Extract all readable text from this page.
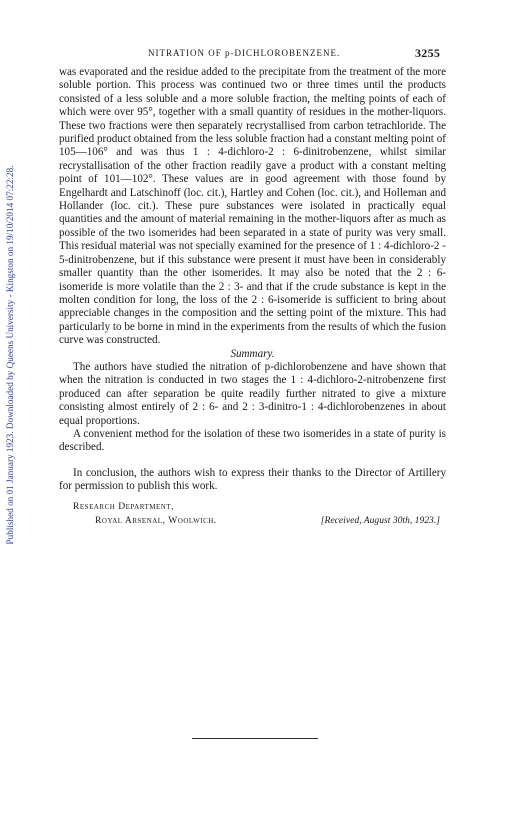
Published on 01 January 1923. Downloaded by Queens University - Kingston on 19/10/2014 07:22:28.
NITRATION OF p-DICHLOROBENZENE.	3255

was evaporated and the residue added to the precipitate from the treatment of the more soluble portion. This process was continued two or three times until the products consisted of a less soluble and a more soluble fraction, the melting points of each of which were over 95°, together with a small quantity of residues in the mother-liquors. These two fractions were then separately recrystallised from carbon tetrachloride. The purified product obtained from the less soluble fraction had a constant melting point of 105—106° and was thus 1 : 4-dichloro-2 : 6-dinitrobenzene, whilst similar recrystallisation of the other fraction readily gave a product with a constant melting point of 101—102°. These values are in good agreement with those found by Engelhardt and Latschinoff (loc. cit.), Hartley and Cohen (loc. cit.), and Holleman and Hollander (loc. cit.). These pure substances were isolated in practically equal quantities and the amount of material remaining in the mother-liquors after as much as possible of the two isomerides had been separated in a state of purity was very small. This residual material was not specially examined for the presence of 1 : 4-dichloro-2 - 5-dinitrobenzene, but if this substance were present it must have been in considerably smaller quantity than the other isomerides. It may also be noted that the 2 : 6-isomeride is more volatile than the 2 : 3- and that if the crude substance is kept in the molten condition for long, the loss of the 2 : 6-isomeride is sufficient to bring about appreciable changes in the composition and the setting point of the mixture. This had particularly to be borne in mind in the experiments from the results of which the fusion curve was constructed.

Summary.

The authors have studied the nitration of p-dichlorobenzene and have shown that when the nitration is conducted in two stages the 1 : 4-dichloro-2-nitrobenzene first produced can after separation be quite readily further nitrated to give a mixture consisting almost entirely of 2 : 6- and 2 : 3-dinitro-1 : 4-dichlorobenzenes in about equal proportions.

A convenient method for the isolation of these two isomerides in a state of purity is described.

In conclusion, the authors wish to express their thanks to the Director of Artillery for permission to publish this work.

Research Department,
Royal Arsenal, Woolwich.	[Received, August 30th, 1923.]
